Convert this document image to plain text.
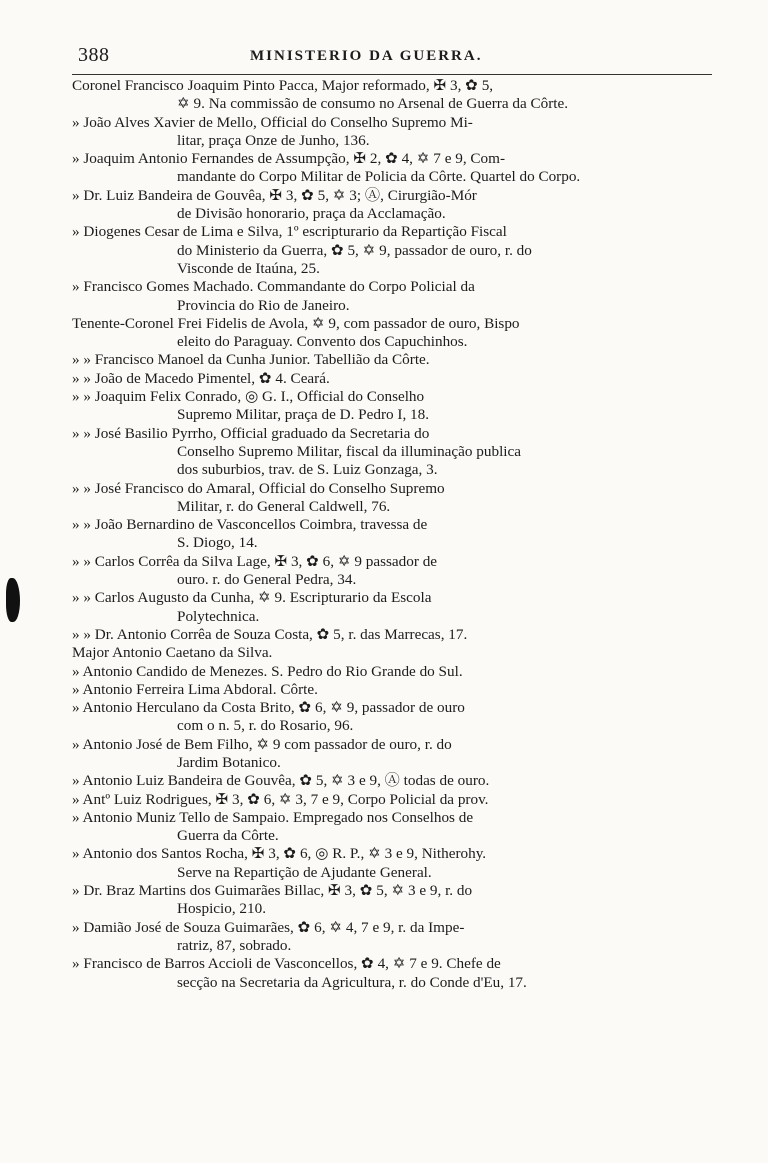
388	MINISTERIO DA GUERRA.
Coronel Francisco Joaquim Pinto Pacca, Major reformado, ✠ 3, ✿ 5,
✡ 9. Na commissão de consumo no Arsenal de Guerra da Côrte.
» João Alves Xavier de Mello, Official do Conselho Supremo Mi-
litar, praça Onze de Junho, 136.
» Joaquim Antonio Fernandes de Assumpção, ✠ 2, ✿ 4, ✡ 7 e 9, Com-
mandante do Corpo Militar de Policia da Côrte. Quartel do Corpo.
» Dr. Luiz Bandeira de Gouvêa, ✠ 3, ✿ 5, ✡ 3; Ⓐ, Cirurgião-Mór
de Divisão honorario, praça da Acclamação.
» Diogenes Cesar de Lima e Silva, 1º escripturario da Repartição Fiscal
do Ministerio da Guerra, ✿ 5, ✡ 9, passador de ouro, r. do
Visconde de Itaúna, 25.
» Francisco Gomes Machado. Commandante do Corpo Policial da
Provincia do Rio de Janeiro.
Tenente-Coronel Frei Fidelis de Avola, ✡ 9, com passador de ouro, Bispo
eleito do Paraguay. Convento dos Capuchinhos.
» » Francisco Manoel da Cunha Junior. Tabellião da Côrte.
» » João de Macedo Pimentel, ✿ 4. Ceará.
» » Joaquim Felix Conrado, ◎ G. I., Official do Conselho
Supremo Militar, praça de D. Pedro I, 18.
» » José Basilio Pyrrho, Official graduado da Secretaria do
Conselho Supremo Militar, fiscal da illuminação publica
dos suburbios, trav. de S. Luiz Gonzaga, 3.
» » José Francisco do Amaral, Official do Conselho Supremo
Militar, r. do General Caldwell, 76.
» » João Bernardino de Vasconcellos Coimbra, travessa de
S. Diogo, 14.
» » Carlos Corrêa da Silva Lage, ✠ 3, ✿ 6, ✡ 9 passador de
ouro. r. do General Pedra, 34.
» » Carlos Augusto da Cunha, ✡ 9. Escripturario da Escola
Polytechnica.
» » Dr. Antonio Corrêa de Souza Costa, ✿ 5, r. das Marrecas, 17.
Major Antonio Caetano da Silva.
» Antonio Candido de Menezes. S. Pedro do Rio Grande do Sul.
» Antonio Ferreira Lima Abdoral. Côrte.
» Antonio Herculano da Costa Brito, ✿ 6, ✡ 9, passador de ouro
com o n. 5, r. do Rosario, 96.
» Antonio José de Bem Filho, ✡ 9 com passador de ouro, r. do
Jardim Botanico.
» Antonio Luiz Bandeira de Gouvêa, ✿ 5, ✡ 3 e 9, Ⓐ todas de ouro.
» Antº Luiz Rodrigues, ✠ 3, ✿ 6, ✡ 3, 7 e 9, Corpo Policial da prov.
» Antonio Muniz Tello de Sampaio. Empregado nos Conselhos de
Guerra da Côrte.
» Antonio dos Santos Rocha, ✠ 3, ✿ 6, ◎ R. P., ✡ 3 e 9, Nitherohy.
Serve na Repartição de Ajudante General.
» Dr. Braz Martins dos Guimarães Billac, ✠ 3, ✿ 5, ✡ 3 e 9, r. do
Hospicio, 210.
» Damião José de Souza Guimarães, ✿ 6, ✡ 4, 7 e 9, r. da Impe-
ratriz, 87, sobrado.
» Francisco de Barros Accioli de Vasconcellos, ✿ 4, ✡ 7 e 9. Chefe de
secção na Secretaria da Agricultura, r. do Conde d'Eu, 17.
